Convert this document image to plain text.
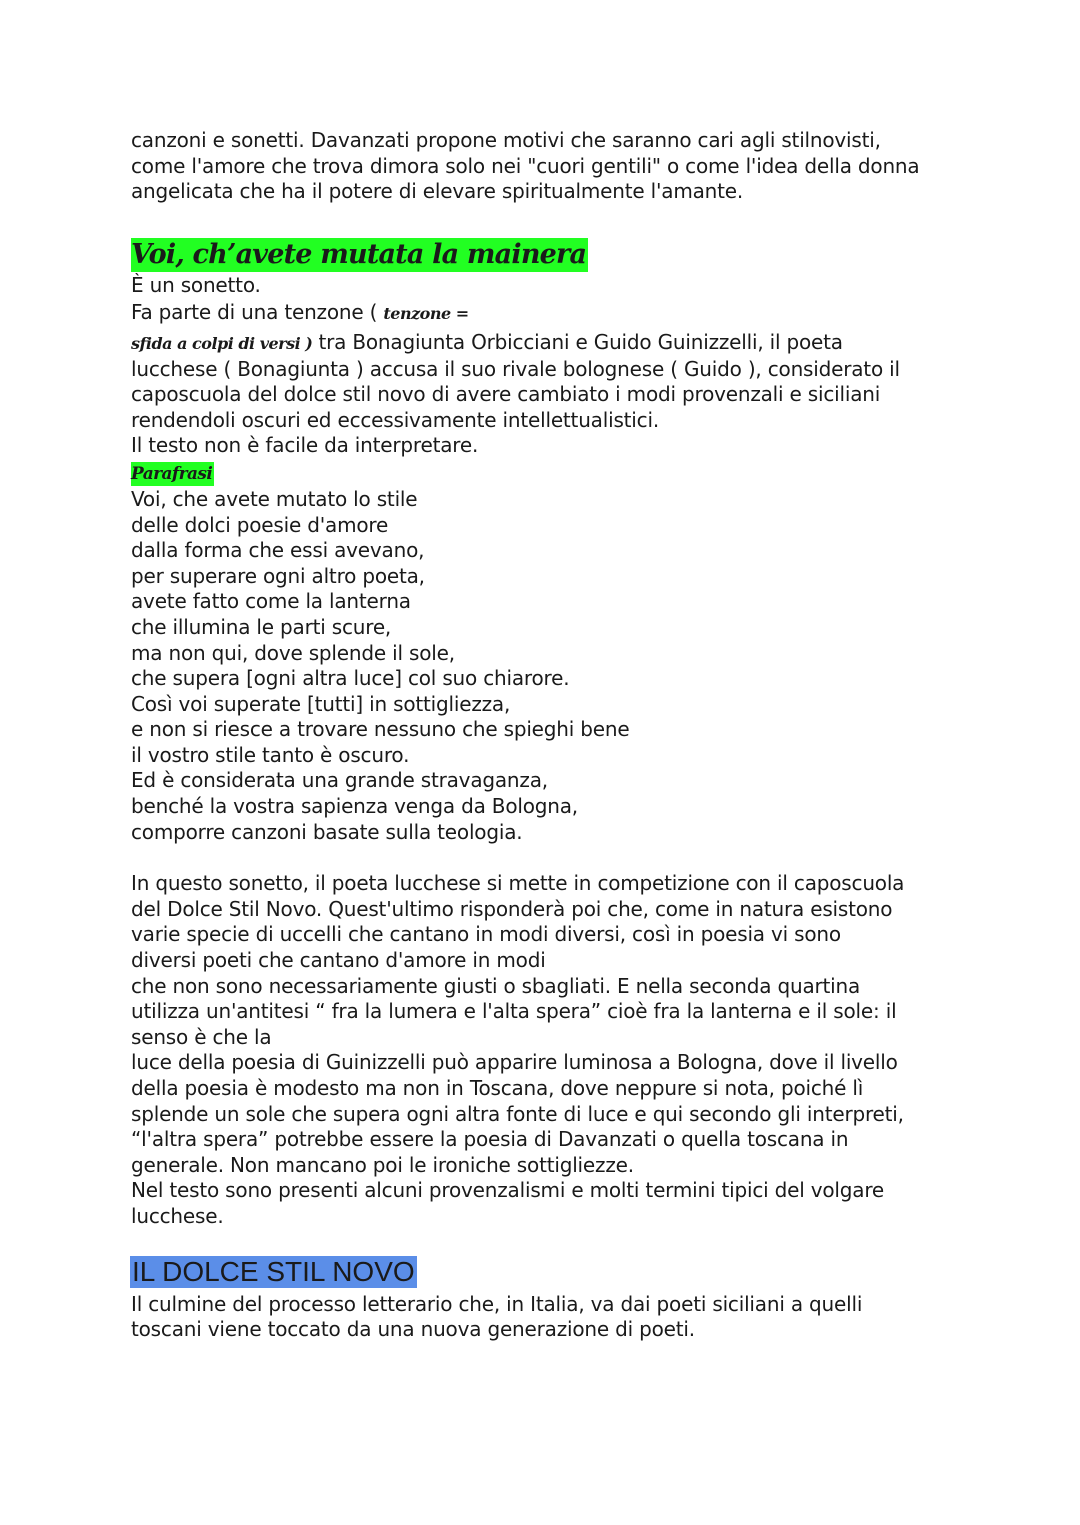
canzoni e sonetti. Davanzati propone motivi che saranno cari agli stilnovisti,
come l'amore che trova dimora solo nei "cuori gentili" o come l'idea della donna
angelicata che ha il potere di elevare spiritualmente l'amante.
Voi, ch’avete mutata la mainera
È un sonetto.
Fa parte di una tenzone ( tenzone =
sfida a colpi di versi ) tra Bonagiunta Orbicciani e Guido Guinizzelli, il poeta
lucchese ( Bonagiunta ) accusa il suo rivale bolognese ( Guido ), considerato il
caposcuola del dolce stil novo di avere cambiato i modi provenzali e siciliani
rendendoli oscuri ed eccessivamente intellettualistici.
Il testo non è facile da interpretare.
Parafrasi
Voi, che avete mutato lo stile
delle dolci poesie d'amore
dalla forma che essi avevano,
per superare ogni altro poeta,
avete fatto come la lanterna
che illumina le parti scure,
ma non qui, dove splende il sole,
che supera [ogni altra luce] col suo chiarore.
Così voi superate [tutti] in sottigliezza,
e non si riesce a trovare nessuno che spieghi bene
il vostro stile tanto è oscuro.
Ed è considerata una grande stravaganza,
benché la vostra sapienza venga da Bologna,
comporre canzoni basate sulla teologia.
In questo sonetto, il poeta lucchese si mette in competizione con il caposcuola
del Dolce Stil Novo. Quest'ultimo risponderà poi che, come in natura esistono
varie specie di uccelli che cantano in modi diversi, così in poesia vi sono
diversi poeti che cantano d'amore in modi
che non sono necessariamente giusti o sbagliati. E nella seconda quartina
utilizza un'antitesi “ fra la lumera e l'alta spera” cioè fra la lanterna e il sole: il
senso è che la
luce della poesia di Guinizzelli può apparire luminosa a Bologna, dove il livello
della poesia è modesto ma non in Toscana, dove neppure si nota, poiché lì
splende un sole che supera ogni altra fonte di luce e qui secondo gli interpreti,
“l'altra spera” potrebbe essere la poesia di Davanzati o quella toscana in
generale. Non mancano poi le ironiche sottigliezze.
Nel testo sono presenti alcuni provenzalismi e molti termini tipici del volgare
lucchese.
IL DOLCE STIL NOVO
Il culmine del processo letterario che, in Italia, va dai poeti siciliani a quelli
toscani viene toccato da una nuova generazione di poeti.
